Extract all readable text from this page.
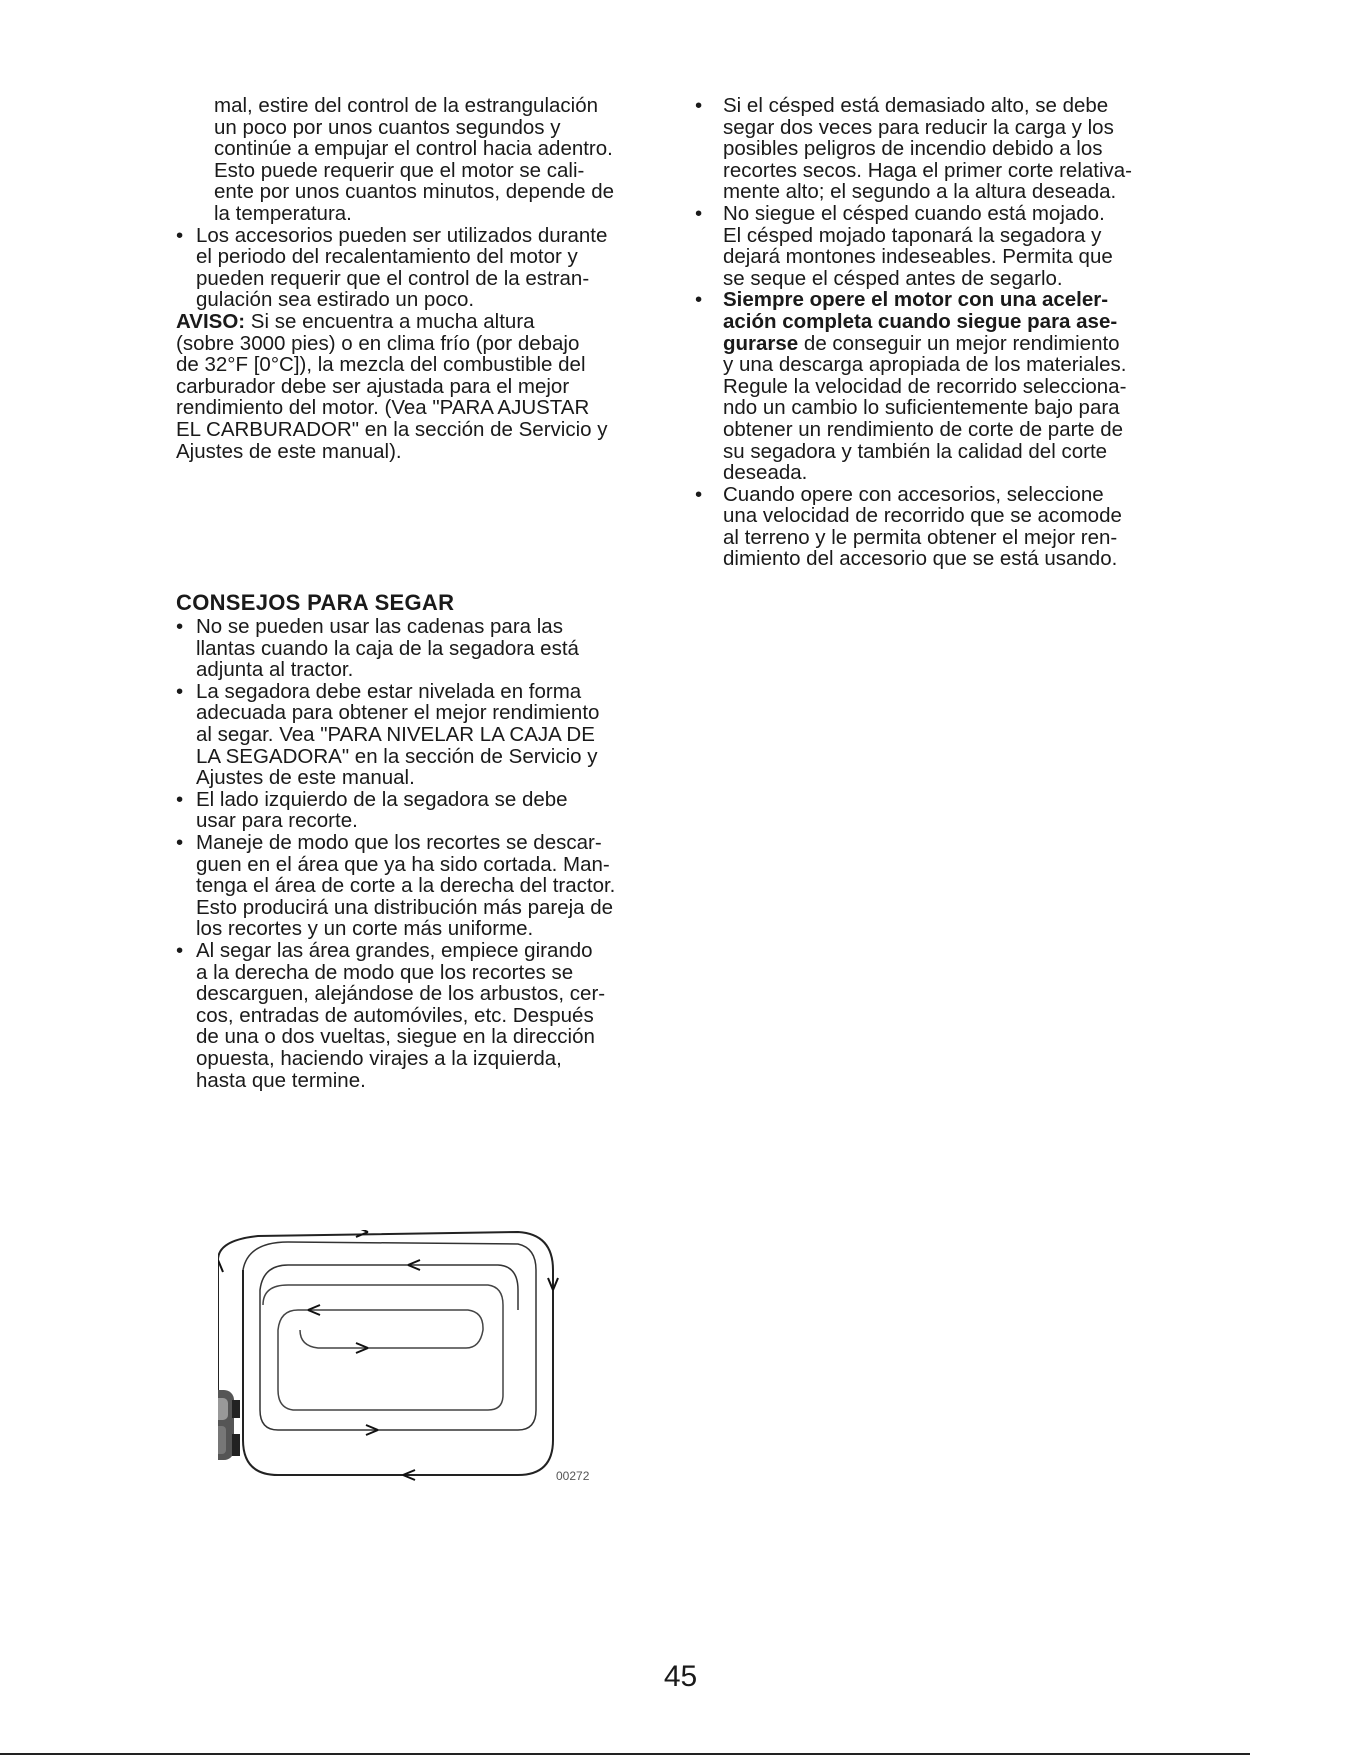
mal, estire del control de la estrangulación
un poco por unos cuantos segundos y
continúe a empujar el control hacia adentro.
Esto puede requerir que el motor se cali-
ente por unos cuantos minutos, depende de
la temperatura.
• Los accesorios pueden ser utilizados durante
el periodo del recalentamiento del motor y
pueden requerir que el control de la estran-
gulación sea estirado un poco.
AVISO: Si se encuentra a mucha altura
(sobre 3000 pies) o en clima frío (por debajo
de 32°F [0°C]), la mezcla del combustible del
carburador debe ser ajustada para el mejor
rendimiento del motor. (Vea "PARA AJUSTAR
EL CARBURADOR" en la sección de Servicio y
Ajustes de este manual).
CONSEJOS PARA SEGAR
• No se pueden usar las cadenas para las
llantas cuando la caja de la segadora está
adjunta al tractor.
• La segadora debe estar nivelada en forma
adecuada para obtener el mejor rendimiento
al segar. Vea "PARA NIVELAR LA CAJA DE
LA SEGADORA" en la sección de Servicio y
Ajustes de este manual.
• El lado izquierdo de la segadora se debe
usar para recorte.
• Maneje de modo que los recortes se descar-
guen en el área que ya ha sido cortada. Man-
tenga el área de corte a la derecha del tractor.
Esto producirá una distribución más pareja de
los recortes y un corte más uniforme.
• Al segar las área grandes, empiece girando
a la derecha de modo que los recortes se
descarguen, alejándose de los arbustos, cer-
cos, entradas de automóviles, etc. Después
de una o dos vueltas, siegue en la dirección
opuesta, haciendo virajes a la izquierda,
hasta que termine.
• Si el césped está demasiado alto, se debe
segar dos veces para reducir la carga y los
posibles peligros de incendio debido a los
recortes secos. Haga el primer corte relativa-
mente alto; el segundo a la altura deseada.
• No siegue el césped cuando está mojado.
El césped mojado taponará la segadora y
dejará montones indeseables. Permita que
se seque el césped antes de segarlo.
• Siempre opere el motor con una aceler-
ación completa cuando siegue para ase-
gurarse de conseguir un mejor rendimiento
y una descarga apropiada de los materiales.
Regule la velocidad de recorrido selecciona-
ndo un cambio lo suficientemente bajo para
obtener un rendimiento de corte de parte de
su segadora y también la calidad del corte
deseada.
• Cuando opere con accesorios, seleccione
una velocidad de recorrido que se acomode
al terreno y le permita obtener el mejor ren-
dimiento del accesorio que se está usando.
00272
45
